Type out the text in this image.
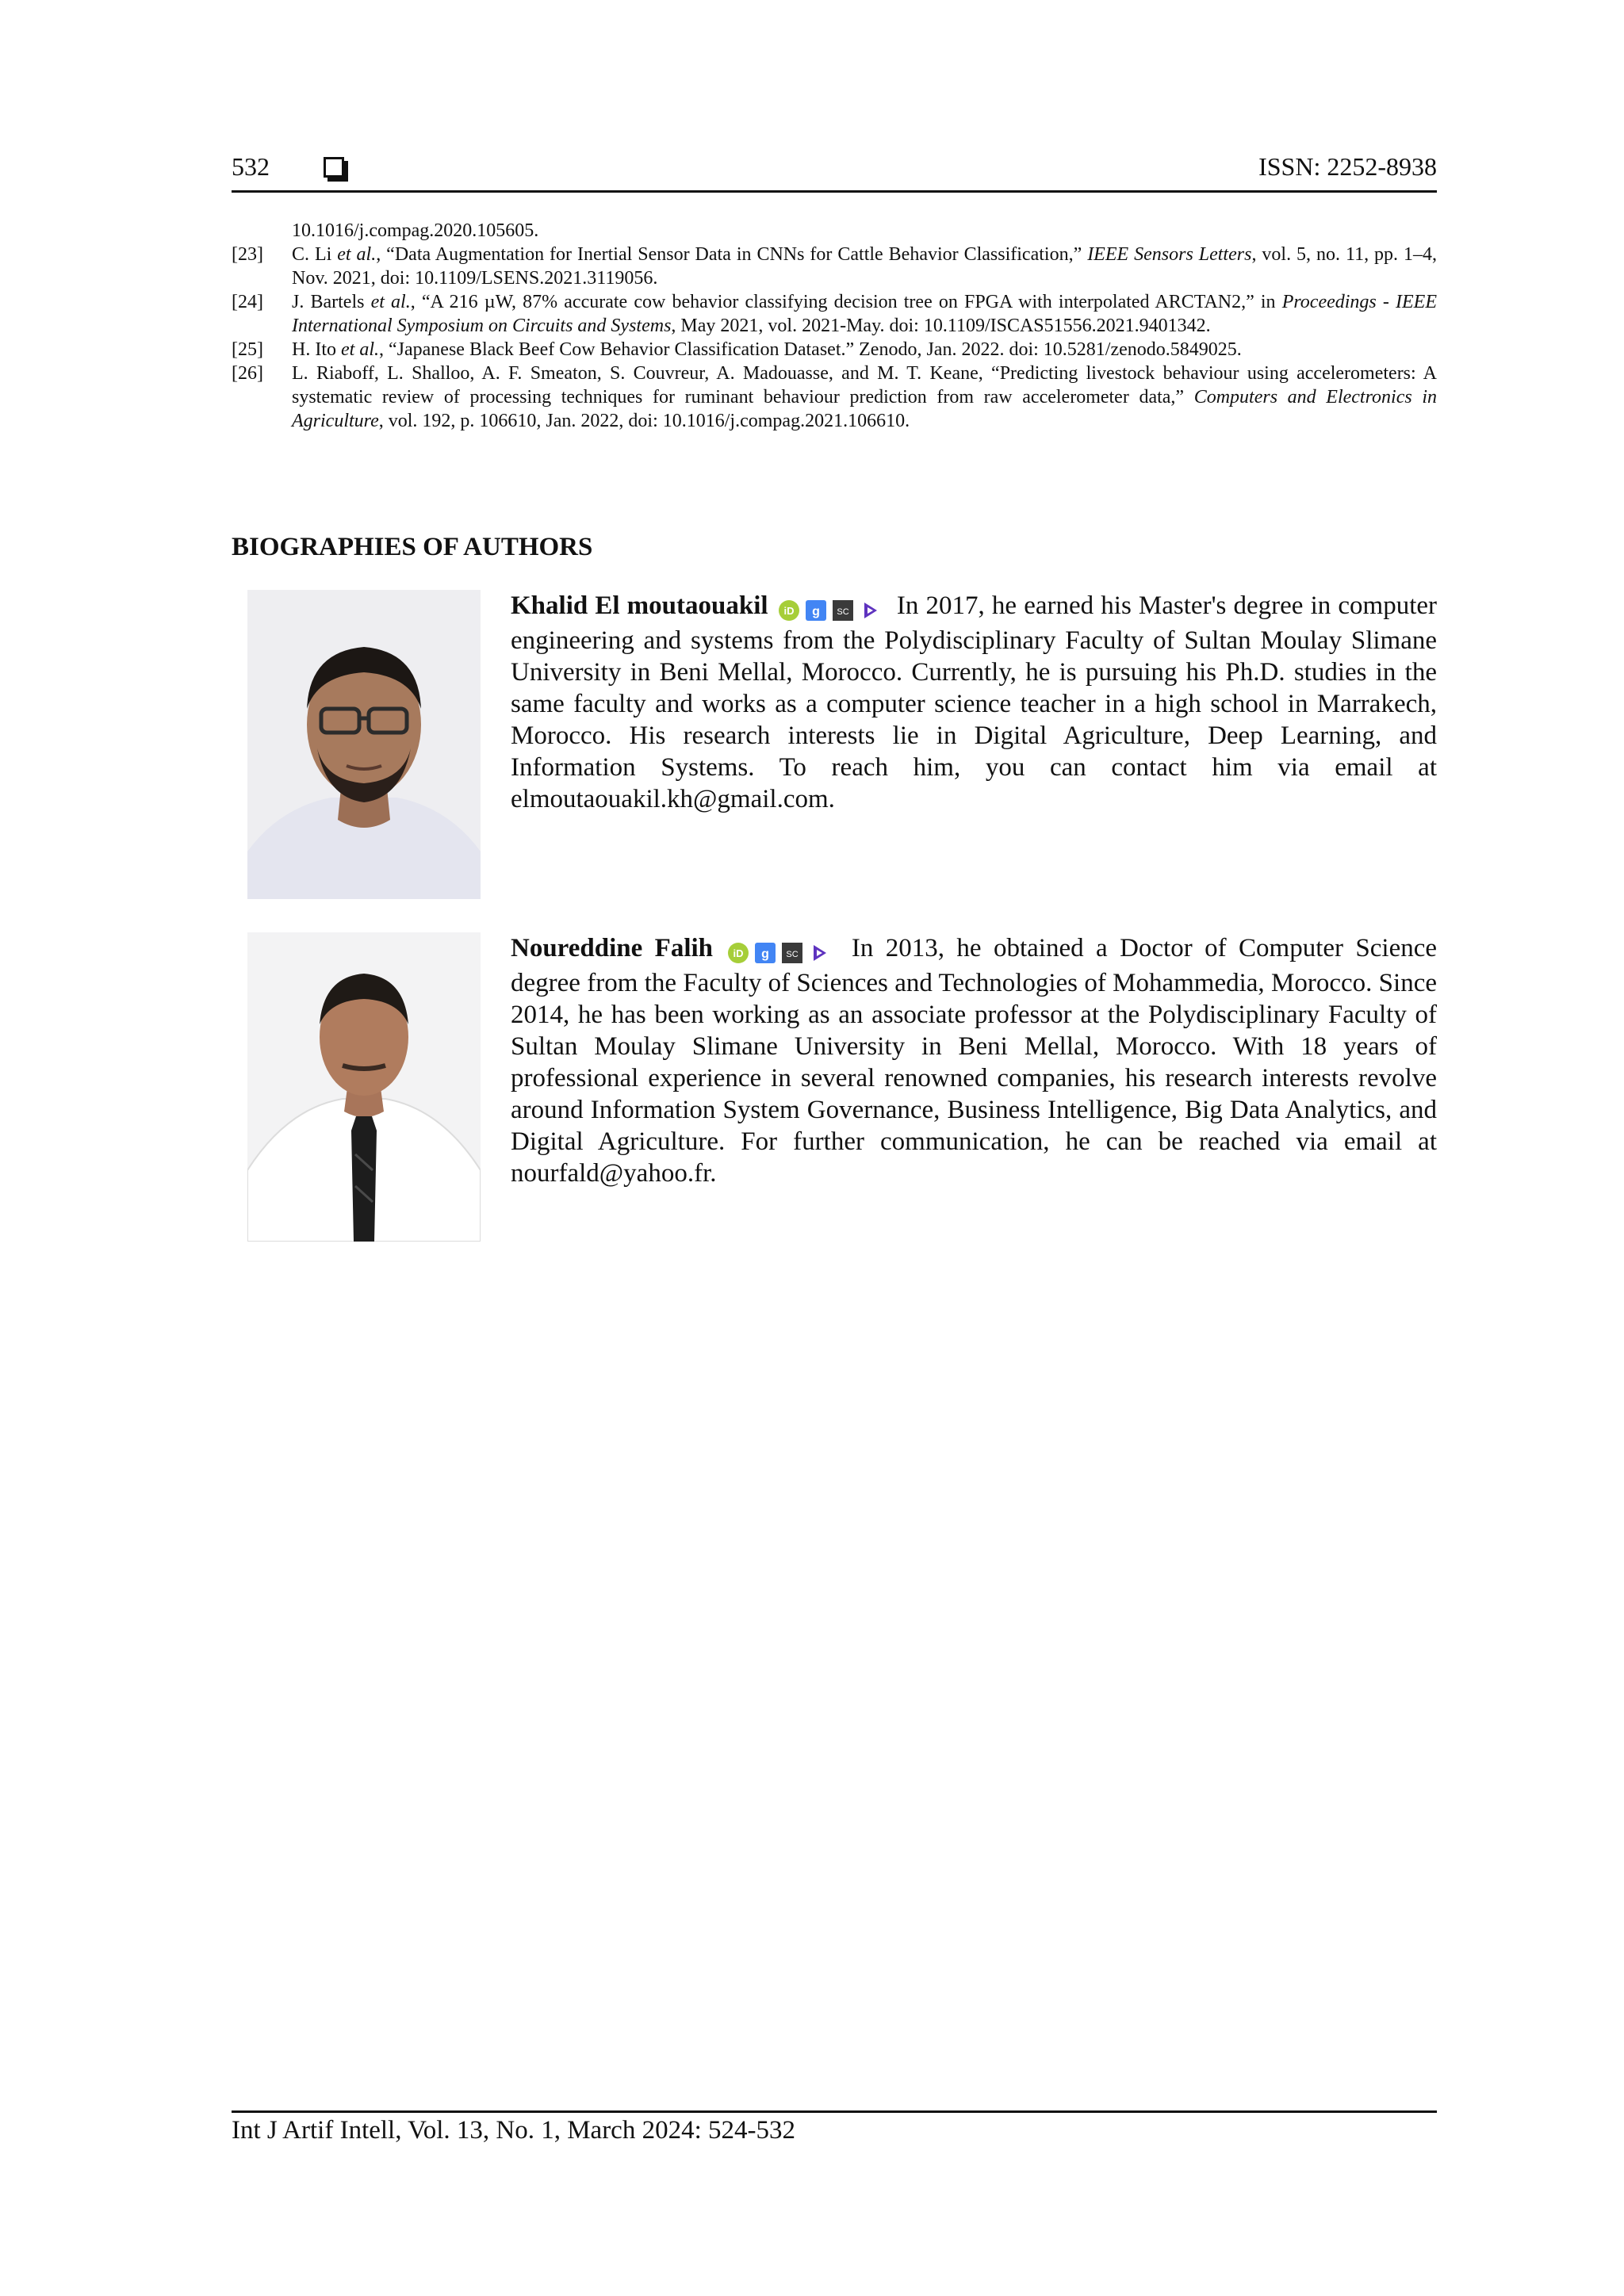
532	ISSN: 2252-8938
10.1016/j.compag.2020.105605.
[23] C. Li et al., “Data Augmentation for Inertial Sensor Data in CNNs for Cattle Behavior Classification,” IEEE Sensors Letters, vol. 5, no. 11, pp. 1–4, Nov. 2021, doi: 10.1109/LSENS.2021.3119056.
[24] J. Bartels et al., “A 216 µW, 87% accurate cow behavior classifying decision tree on FPGA with interpolated ARCTAN2,” in Proceedings - IEEE International Symposium on Circuits and Systems, May 2021, vol. 2021-May. doi: 10.1109/ISCAS51556.2021.9401342.
[25] H. Ito et al., “Japanese Black Beef Cow Behavior Classification Dataset.” Zenodo, Jan. 2022. doi: 10.5281/zenodo.5849025.
[26] L. Riaboff, L. Shalloo, A. F. Smeaton, S. Couvreur, A. Madouasse, and M. T. Keane, “Predicting livestock behaviour using accelerometers: A systematic review of processing techniques for ruminant behaviour prediction from raw accelerometer data,” Computers and Electronics in Agriculture, vol. 192, p. 106610, Jan. 2022, doi: 10.1016/j.compag.2021.106610.
BIOGRAPHIES OF AUTHORS
Khalid El moutaouakil iD g SC In 2017, he earned his Master's degree in computer engineering and systems from the Polydisciplinary Faculty of Sultan Moulay Slimane University in Beni Mellal, Morocco. Currently, he is pursuing his Ph.D. studies in the same faculty and works as a computer science teacher in a high school in Marrakech, Morocco. His research interests lie in Digital Agriculture, Deep Learning, and Information Systems. To reach him, you can contact him via email at elmoutaouakil.kh@gmail.com.
Noureddine Falih iD g SC In 2013, he obtained a Doctor of Computer Science degree from the Faculty of Sciences and Technologies of Mohammedia, Morocco. Since 2014, he has been working as an associate professor at the Polydisciplinary Faculty of Sultan Moulay Slimane University in Beni Mellal, Morocco. With 18 years of professional experience in several renowned companies, his research interests revolve around Information System Governance, Business Intelligence, Big Data Analytics, and Digital Agriculture. For further communication, he can be reached via email at nourfald@yahoo.fr.
Int J Artif Intell, Vol. 13, No. 1, March 2024: 524-532
